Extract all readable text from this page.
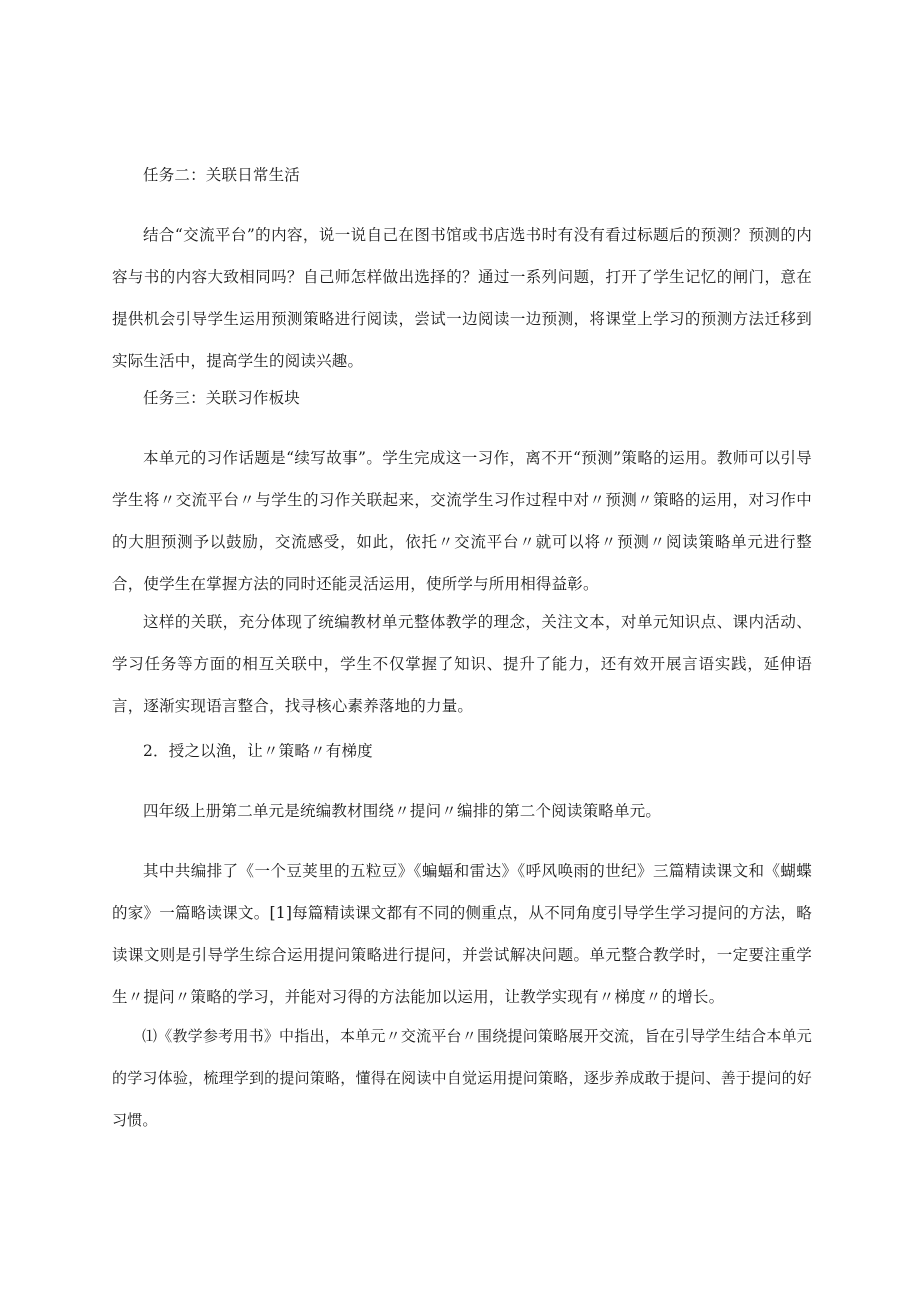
任务二：关联日常生活

结合“交流平台”的内容，说一说自己在图书馆或书店选书时有没有看过标题后的预测？预测的内容与书的内容大致相同吗？自己师怎样做出选择的？通过一系列问题，打开了学生记忆的闸门，意在提供机会引导学生运用预测策略进行阅读，尝试一边阅读一边预测，将课堂上学习的预测方法迁移到实际生活中，提高学生的阅读兴趣。

任务三：关联习作板块

本单元的习作话题是“续写故事”。学生完成这一习作，离不开“预测”策略的运用。教师可以引导学生将〃交流平台〃与学生的习作关联起来，交流学生习作过程中对〃预测〃策略的运用，对习作中的大胆预测予以鼓励，交流感受，如此，依托〃交流平台〃就可以将〃预测〃阅读策略单元进行整合，使学生在掌握方法的同时还能灵活运用，使所学与所用相得益彰。

这样的关联，充分体现了统编教材单元整体教学的理念，关注文本，对单元知识点、课内活动、学习任务等方面的相互关联中，学生不仅掌握了知识、提升了能力，还有效开展言语实践，延伸语言，逐渐实现语言整合，找寻核心素养落地的力量。

2．授之以渔，让〃策略〃有梯度

四年级上册第二单元是统编教材围绕〃提问〃编排的第二个阅读策略单元。

其中共编排了《一个豆荚里的五粒豆》《蝙蝠和雷达》《呼风唤雨的世纪》三篇精读课文和《蝴蝶的家》一篇略读课文。[1]每篇精读课文都有不同的侧重点，从不同角度引导学生学习提问的方法，略读课文则是引导学生综合运用提问策略进行提问，并尝试解决问题。单元整合教学时，一定要注重学生〃提问〃策略的学习，并能对习得的方法能加以运用，让教学实现有〃梯度〃的增长。

⑴《教学参考用书》中指出，本单元〃交流平台〃围绕提问策略展开交流，旨在引导学生结合本单元的学习体验，梳理学到的提问策略，懂得在阅读中自觉运用提问策略，逐步养成敢于提问、善于提问的好习惯。
